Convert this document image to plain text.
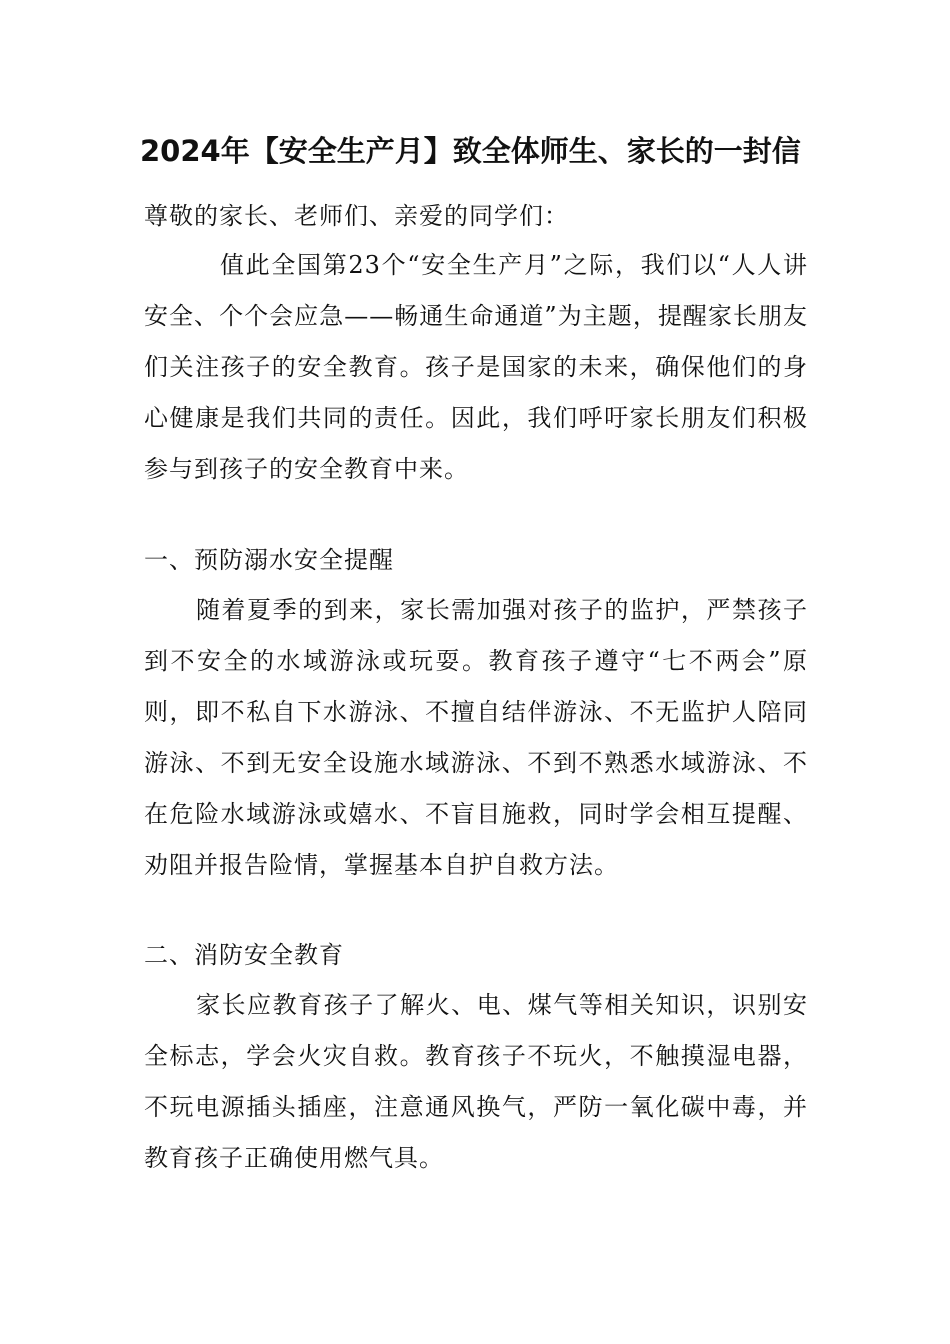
2024年【安全生产月】致全体师生、家长的一封信
尊敬的家长、老师们、亲爱的同学们：
值此全国第23个“安全生产月”之际，我们以“人人讲安全、个个会应急——畅通生命通道”为主题，提醒家长朋友们关注孩子的安全教育。孩子是国家的未来，确保他们的身心健康是我们共同的责任。因此，我们呼吁家长朋友们积极参与到孩子的安全教育中来。
一、预防溺水安全提醒
随着夏季的到来，家长需加强对孩子的监护，严禁孩子到不安全的水域游泳或玩耍。教育孩子遵守“七不两会”原则，即不私自下水游泳、不擅自结伴游泳、不无监护人陪同游泳、不到无安全设施水域游泳、不到不熟悉水域游泳、不在危险水域游泳或嬉水、不盲目施救，同时学会相互提醒、劝阻并报告险情，掌握基本自护自救方法。
二、消防安全教育
家长应教育孩子了解火、电、煤气等相关知识，识别安全标志，学会火灾自救。教育孩子不玩火，不触摸湿电器，不玩电源插头插座，注意通风换气，严防一氧化碳中毒，并教育孩子正确使用燃气具。
